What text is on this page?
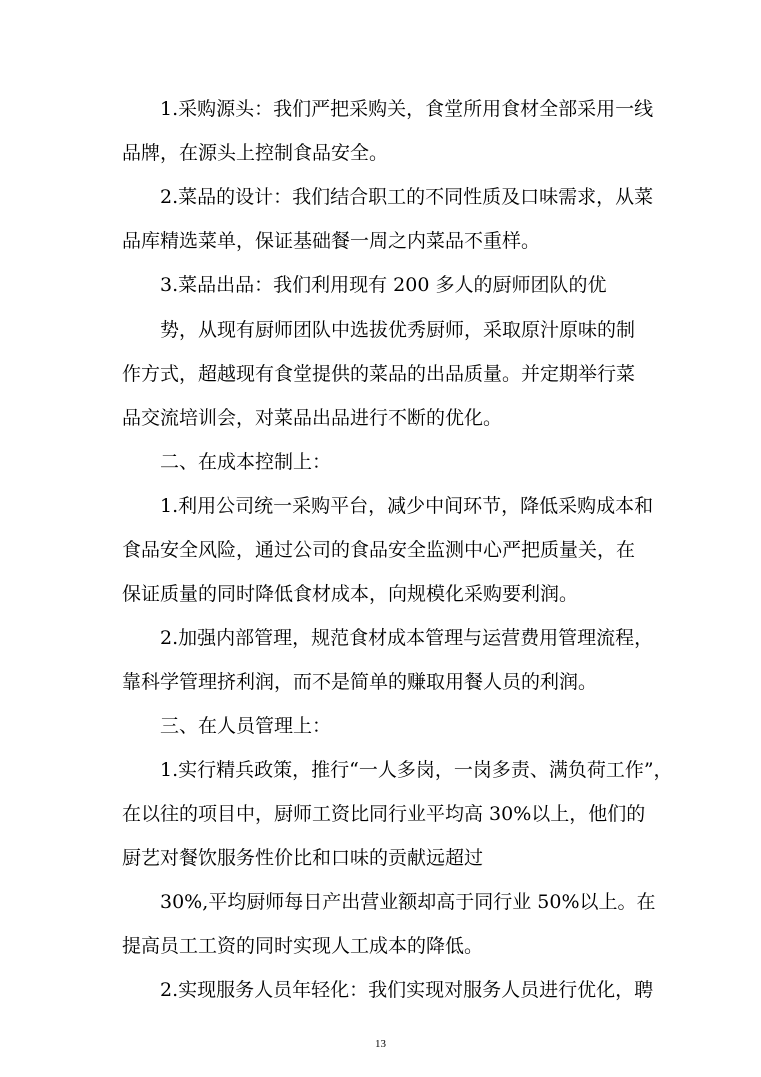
1.采购源头：我们严把采购关，食堂所用食材全部采用一线
品牌，在源头上控制食品安全。
2.菜品的设计：我们结合职工的不同性质及口味需求，从菜
品库精选菜单，保证基础餐一周之内菜品不重样。
3.菜品出品：我们利用现有 200 多人的厨师团队的优
势，从现有厨师团队中选拔优秀厨师，采取原汁原味的制
作方式，超越现有食堂提供的菜品的出品质量。并定期举行菜
品交流培训会，对菜品出品进行不断的优化。
二、在成本控制上：
1.利用公司统一采购平台，减少中间环节，降低采购成本和
食品安全风险，通过公司的食品安全监测中心严把质量关，在
保证质量的同时降低食材成本，向规模化采购要利润。
2.加强内部管理，规范食材成本管理与运营费用管理流程，
靠科学管理挤利润，而不是简单的赚取用餐人员的利润。
三、在人员管理上：
1.实行精兵政策，推行“一人多岗，一岗多责、满负荷工作”，
在以往的项目中，厨师工资比同行业平均高 30%以上，他们的
厨艺对餐饮服务性价比和口味的贡献远超过
30%,平均厨师每日产出营业额却高于同行业 50%以上。在
提高员工工资的同时实现人工成本的降低。
2.实现服务人员年轻化：我们实现对服务人员进行优化，聘
13
